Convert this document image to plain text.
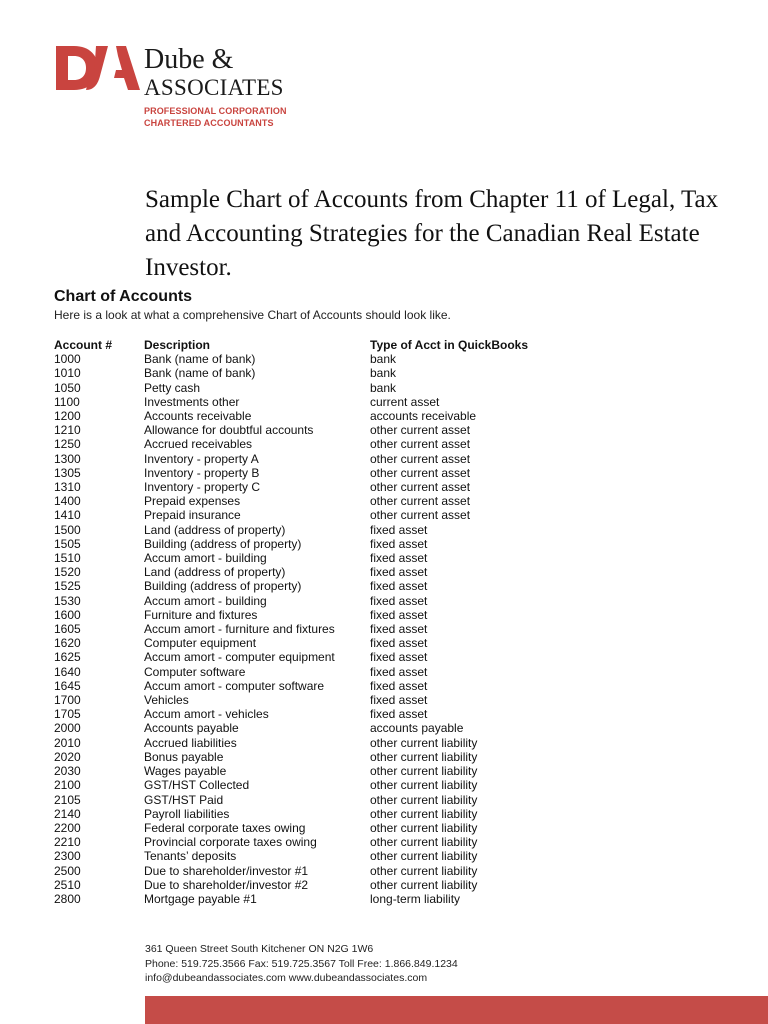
Dube &
ASSOCIATES
PROFESSIONAL CORPORATION
CHARTERED ACCOUNTANTS
Sample Chart of Accounts from Chapter 11 of Legal, Tax and Accounting Strategies for the Canadian Real Estate Investor.
Chart of Accounts

Here is a look at what a comprehensive Chart of Accounts should look like.

Account #	Description	Type of Acct in QuickBooks
1000	Bank (name of bank)	bank
1010	Bank (name of bank)	bank
1050	Petty cash	bank
1100	Investments other	current asset
1200	Accounts receivable	accounts receivable
1210	Allowance for doubtful accounts	other current asset
1250	Accrued receivables	other current asset
1300	Inventory - property A	other current asset
1305	Inventory - property B	other current asset
1310	Inventory - property C	other current asset
1400	Prepaid expenses	other current asset
1410	Prepaid insurance	other current asset
1500	Land (address of property)	fixed asset
1505	Building (address of property)	fixed asset
1510	Accum amort - building	fixed asset
1520	Land (address of property)	fixed asset
1525	Building (address of property)	fixed asset
1530	Accum amort - building	fixed asset
1600	Furniture and fixtures	fixed asset
1605	Accum amort - furniture and fixtures	fixed asset
1620	Computer equipment	fixed asset
1625	Accum amort - computer equipment	fixed asset
1640	Computer software	fixed asset
1645	Accum amort - computer software	fixed asset
1700	Vehicles	fixed asset
1705	Accum amort - vehicles	fixed asset
2000	Accounts payable	accounts payable
2010	Accrued liabilities	other current liability
2020	Bonus payable	other current liability
2030	Wages payable	other current liability
2100	GST/HST Collected	other current liability
2105	GST/HST Paid	other current liability
2140	Payroll liabilities	other current liability
2200	Federal corporate taxes owing	other current liability
2210	Provincial corporate taxes owing	other current liability
2300	Tenants’ deposits	other current liability
2500	Due to shareholder/investor #1	other current liability
2510	Due to shareholder/investor #2	other current liability
2800	Mortgage payable #1	long-term liability
361 Queen Street South Kitchener ON N2G 1W6
Phone: 519.725.3566 Fax: 519.725.3567 Toll Free: 1.866.849.1234
info@dubeandassociates.com www.dubeandassociates.com
